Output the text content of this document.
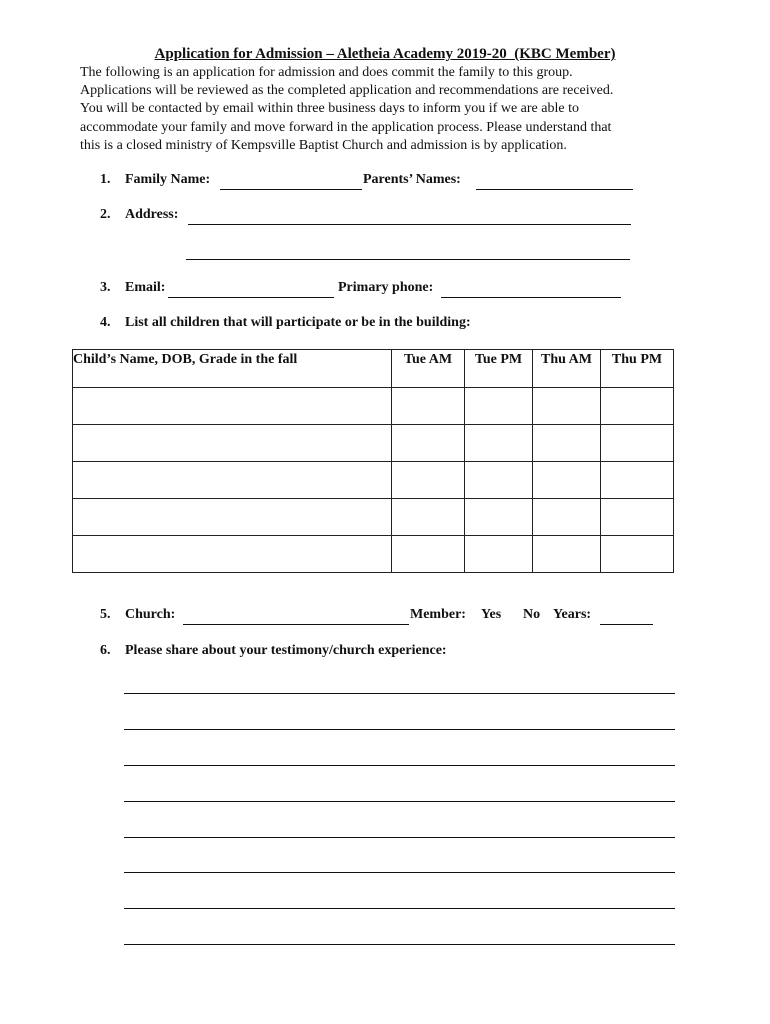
Application for Admission – Aletheia Academy 2019-20  (KBC Member)
The following is an application for admission and does commit the family to this group.
Applications will be reviewed as the completed application and recommendations are received.
You will be contacted by email within three business days to inform you if we are able to
accommodate your family and move forward in the application process. Please understand that
this is a closed ministry of Kempsville Baptist Church and admission is by application.
1. Family Name:	Parents’ Names:
2. Address:
3. Email:	Primary phone:
4. List all children that will participate or be in the building:
Child’s Name, DOB, Grade in the fall	Tue AM	Tue PM	Thu AM	Thu PM

5. Church:	Member: Yes No Years:
6. Please share about your testimony/church experience:
